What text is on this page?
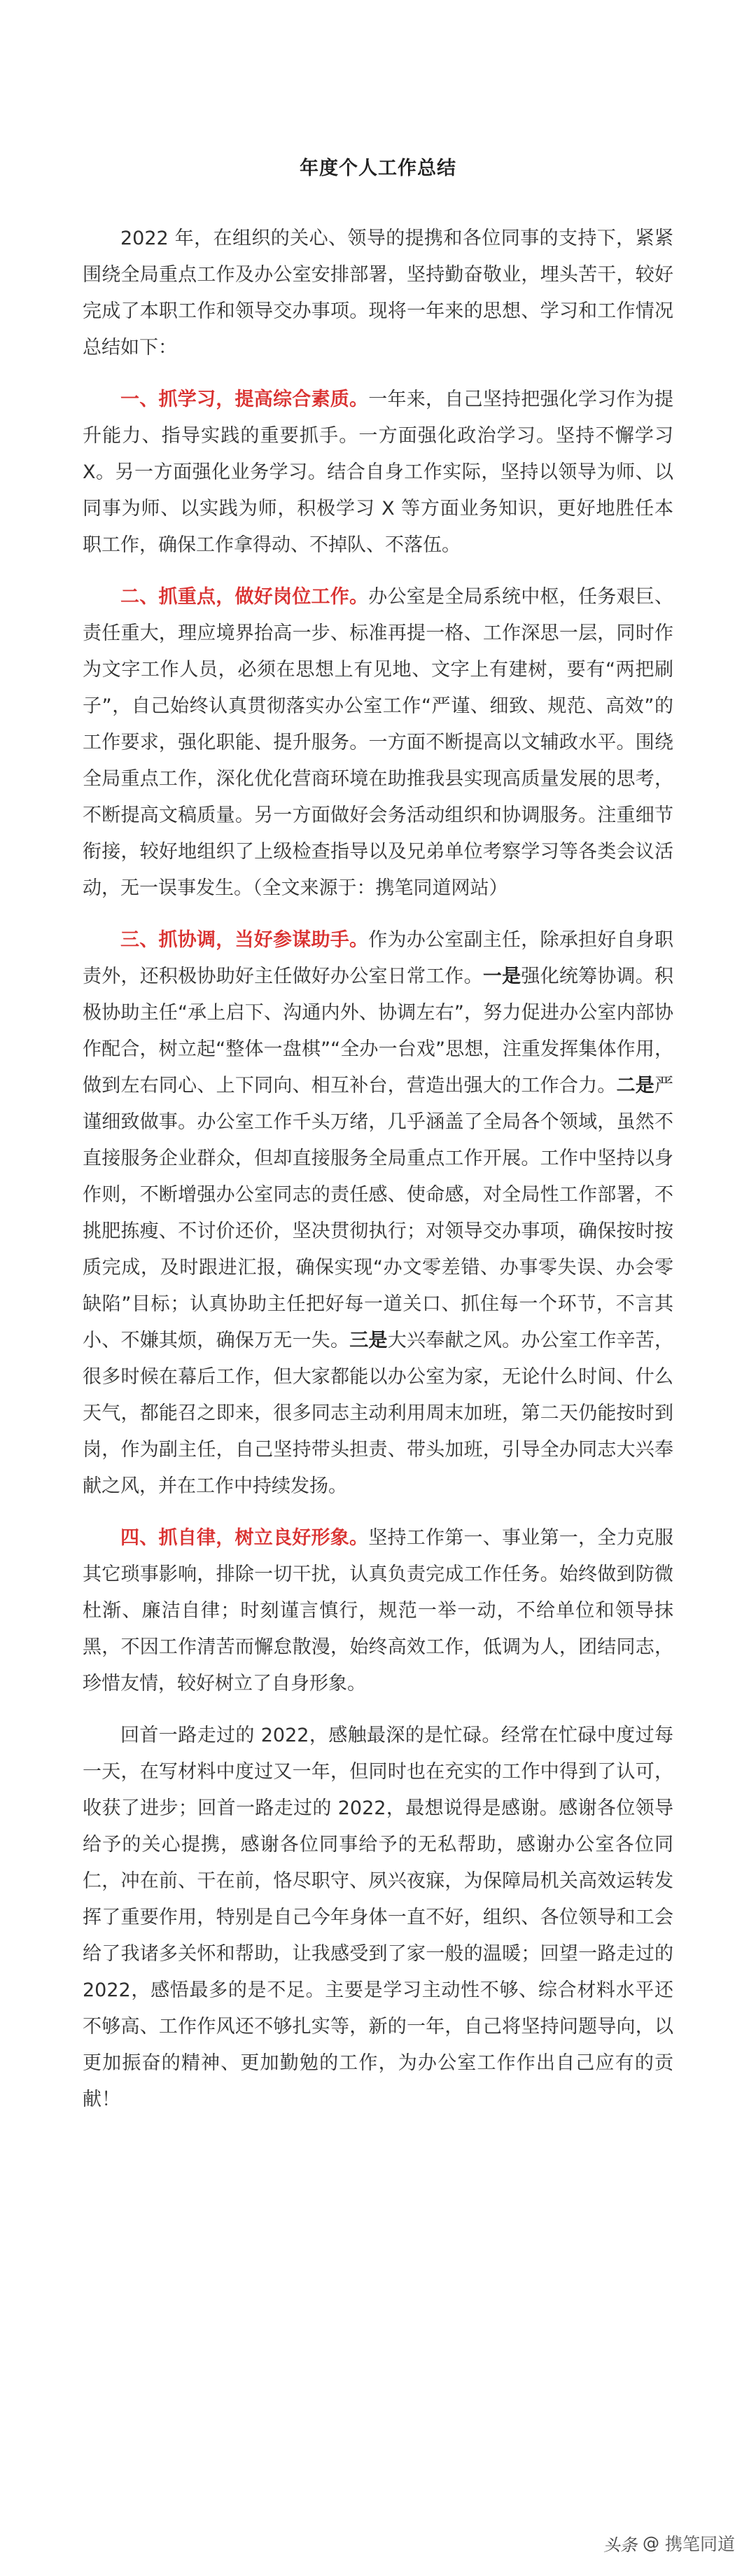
年度个人工作总结

2022 年，在组织的关心、领导的提携和各位同事的支持下，紧紧围绕全局重点工作及办公室安排部署，坚持勤奋敬业，埋头苦干，较好完成了本职工作和领导交办事项。现将一年来的思想、学习和工作情况总结如下：

一、抓学习，提高综合素质。一年来，自己坚持把强化学习作为提升能力、指导实践的重要抓手。一方面强化政治学习。坚持不懈学习 X。另一方面强化业务学习。结合自身工作实际，坚持以领导为师、以同事为师、以实践为师，积极学习 X 等方面业务知识，更好地胜任本职工作，确保工作拿得动、不掉队、不落伍。

二、抓重点，做好岗位工作。办公室是全局系统中枢，任务艰巨、责任重大，理应境界抬高一步、标准再提一格、工作深思一层，同时作为文字工作人员，必须在思想上有见地、文字上有建树，要有“两把刷子”，自己始终认真贯彻落实办公室工作“严谨、细致、规范、高效”的工作要求，强化职能、提升服务。一方面不断提高以文辅政水平。围绕全局重点工作，深化优化营商环境在助推我县实现高质量发展的思考，不断提高文稿质量。另一方面做好会务活动组织和协调服务。注重细节衔接，较好地组织了上级检查指导以及兄弟单位考察学习等各类会议活动，无一误事发生。（全文来源于：携笔同道网站）

三、抓协调，当好参谋助手。作为办公室副主任，除承担好自身职责外，还积极协助好主任做好办公室日常工作。一是强化统筹协调。积极协助主任“承上启下、沟通内外、协调左右”，努力促进办公室内部协作配合，树立起“整体一盘棋”“全办一台戏”思想，注重发挥集体作用，做到左右同心、上下同向、相互补台，营造出强大的工作合力。二是严谨细致做事。办公室工作千头万绪，几乎涵盖了全局各个领域，虽然不直接服务企业群众，但却直接服务全局重点工作开展。工作中坚持以身作则，不断增强办公室同志的责任感、使命感，对全局性工作部署，不挑肥拣瘦、不讨价还价，坚决贯彻执行；对领导交办事项，确保按时按质完成，及时跟进汇报，确保实现“办文零差错、办事零失误、办会零缺陷”目标；认真协助主任把好每一道关口、抓住每一个环节，不言其小、不嫌其烦，确保万无一失。三是大兴奉献之风。办公室工作辛苦，很多时候在幕后工作，但大家都能以办公室为家，无论什么时间、什么天气，都能召之即来，很多同志主动利用周末加班，第二天仍能按时到岗，作为副主任，自己坚持带头担责、带头加班，引导全办同志大兴奉献之风，并在工作中持续发扬。

四、抓自律，树立良好形象。坚持工作第一、事业第一，全力克服其它琐事影响，排除一切干扰，认真负责完成工作任务。始终做到防微杜渐、廉洁自律；时刻谨言慎行，规范一举一动，不给单位和领导抹黑，不因工作清苦而懈怠散漫，始终高效工作，低调为人，团结同志，珍惜友情，较好树立了自身形象。

回首一路走过的 2022，感触最深的是忙碌。经常在忙碌中度过每一天，在写材料中度过又一年，但同时也在充实的工作中得到了认可，收获了进步；回首一路走过的 2022，最想说得是感谢。感谢各位领导给予的关心提携，感谢各位同事给予的无私帮助，感谢办公室各位同仁，冲在前、干在前，恪尽职守、夙兴夜寐，为保障局机关高效运转发挥了重要作用，特别是自己今年身体一直不好，组织、各位领导和工会给了我诸多关怀和帮助，让我感受到了家一般的温暖；回望一路走过的 2022，感悟最多的是不足。主要是学习主动性不够、综合材料水平还不够高、工作作风还不够扎实等，新的一年，自己将坚持问题导向，以更加振奋的精神、更加勤勉的工作，为办公室工作作出自己应有的贡献！

头条 @ 携笔同道
